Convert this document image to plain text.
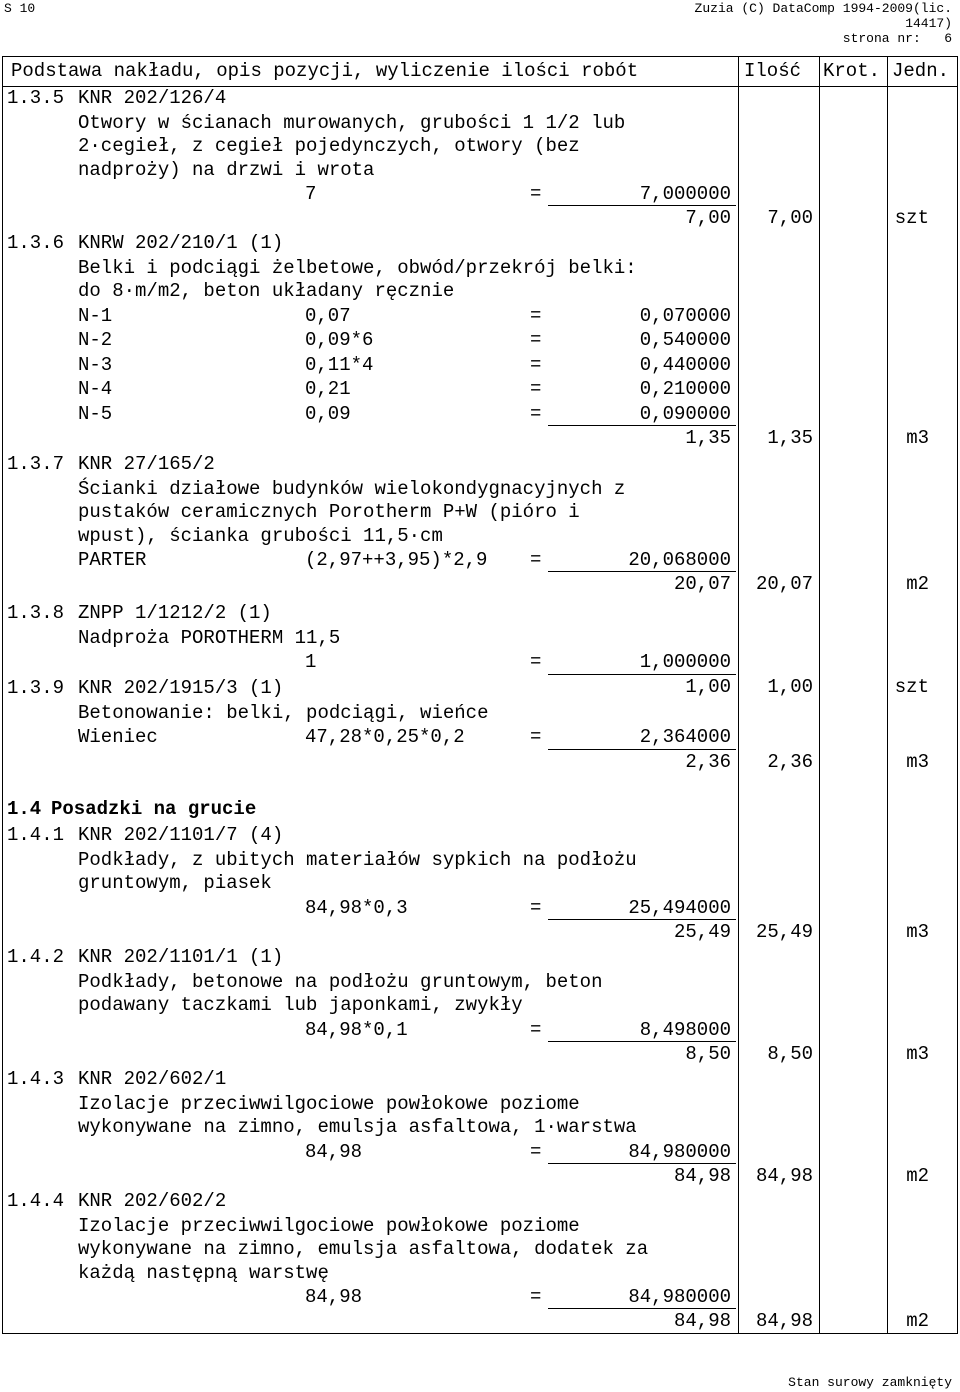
S 10	Zuzia (C) DataComp 1994-2009(lic.
14417)
strona nr: 6
Podstawa nakładu, opis pozycji, wyliczenie ilości robót	Ilość Krot. Jedn.
1.3.5 KNR 202/126/4
Otwory w ścianach murowanych, grubości 1 1/2 lub
2·cegieł, z cegieł pojedynczych, otwory (bez
nadproży) na drzwi i wrota
7	=	7,000000
7,00 7,00	szt
1.3.6 KNRW 202/210/1 (1)
Belki i podciągi żelbetowe, obwód/przekrój belki:
do 8·m/m2, beton układany ręcznie
N-1	0,07	=	0,070000
N-2	0,09*6	=	0,540000
N-3	0,11*4	=	0,440000
N-4	0,21	=	0,210000
N-5	0,09	=	0,090000
1,35 1,35	m3
1.3.7 KNR 27/165/2
Ścianki działowe budynków wielokondygnacyjnych z
pustaków ceramicznych Porotherm P+W (pióro i
wpust), ścianka grubości 11,5·cm
PARTER	(2,97++3,95)*2,9 =	20,068000
20,07 20,07	m2
1.3.8 ZNPP 1/1212/2 (1)
Nadproża POROTHERM 11,5
1	=	1,000000
1,00 1,00	szt
1.3.9 KNR 202/1915/3 (1)
Betonowanie: belki, podciągi, wieńce
Wieniec	47,28*0,25*0,2	=	2,364000
2,36 2,36	m3
1.4 Posadzki na grucie
1.4.1 KNR 202/1101/7 (4)
Podkłady, z ubitych materiałów sypkich na podłożu
gruntowym, piasek
84,98*0,3	=	25,494000
25,49 25,49	m3
1.4.2 KNR 202/1101/1 (1)
Podkłady, betonowe na podłożu gruntowym, beton
podawany taczkami lub japonkami, zwykły
84,98*0,1	=	8,498000
8,50 8,50	m3
1.4.3 KNR 202/602/1
Izolacje przeciwwilgociowe powłokowe poziome
wykonywane na zimno, emulsja asfaltowa, 1·warstwa
84,98	=	84,980000
84,98 84,98	m2
1.4.4 KNR 202/602/2
Izolacje przeciwwilgociowe powłokowe poziome
wykonywane na zimno, emulsja asfaltowa, dodatek za
każdą następną warstwę
84,98	=	84,980000
84,98 84,98	m2
Stan surowy zamknięty
